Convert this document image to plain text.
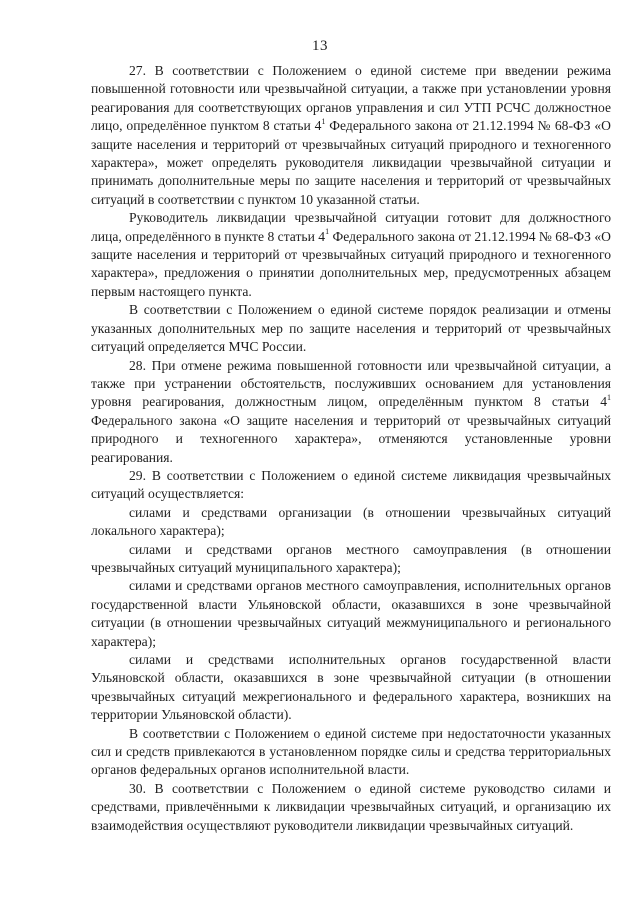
13

27. В соответствии с Положением о единой системе при введении режима повышенной готовности или чрезвычайной ситуации, а также при установлении уровня реагирования для соответствующих органов управления и сил УТП РСЧС должностное лицо, определённое пунктом 8 статьи $4^1$ Федерального закона от 21.12.1994 № 68-ФЗ «О защите населения и территорий от чрезвычайных ситуаций природного и техногенного характера», может определять руководителя ликвидации чрезвычайной ситуации и принимать дополнительные меры по защите населения и территорий от чрезвычайных ситуаций в соответствии с пунктом 10 указанной статьи.

Руководитель ликвидации чрезвычайной ситуации готовит для должностного лица, определённого в пункте 8 статьи $4^1$ Федерального закона от 21.12.1994 № 68-ФЗ «О защите населения и территорий от чрезвычайных ситуаций природного и техногенного характера», предложения о принятии дополнительных мер, предусмотренных абзацем первым настоящего пункта.

В соответствии с Положением о единой системе порядок реализации и отмены указанных дополнительных мер по защите населения и территорий от чрезвычайных ситуаций определяется МЧС России.

28. При отмене режима повышенной готовности или чрезвычайной ситуации, а также при устранении обстоятельств, послуживших основанием для установления уровня реагирования, должностным лицом, определённым пунктом 8 статьи $4^1$ Федерального закона «О защите населения и территорий от чрезвычайных ситуаций природного и техногенного характера», отменяются установленные уровни реагирования.

29. В соответствии с Положением о единой системе ликвидация чрезвычайных ситуаций осуществляется:

силами и средствами организации (в отношении чрезвычайных ситуаций локального характера);

силами и средствами органов местного самоуправления (в отношении чрезвычайных ситуаций муниципального характера);

силами и средствами органов местного самоуправления, исполнительных органов государственной власти Ульяновской области, оказавшихся в зоне чрезвычайной ситуации (в отношении чрезвычайных ситуаций межмуниципального и регионального характера);

силами и средствами исполнительных органов государственной власти Ульяновской области, оказавшихся в зоне чрезвычайной ситуации (в отношении чрезвычайных ситуаций межрегионального и федерального характера, возникших на территории Ульяновской области).

В соответствии с Положением о единой системе при недостаточности указанных сил и средств привлекаются в установленном порядке силы и средства территориальных органов федеральных органов исполнительной власти.

30. В соответствии с Положением о единой системе руководство силами и средствами, привлечёнными к ликвидации чрезвычайных ситуаций, и организацию их взаимодействия осуществляют руководители ликвидации чрезвычайных ситуаций.
